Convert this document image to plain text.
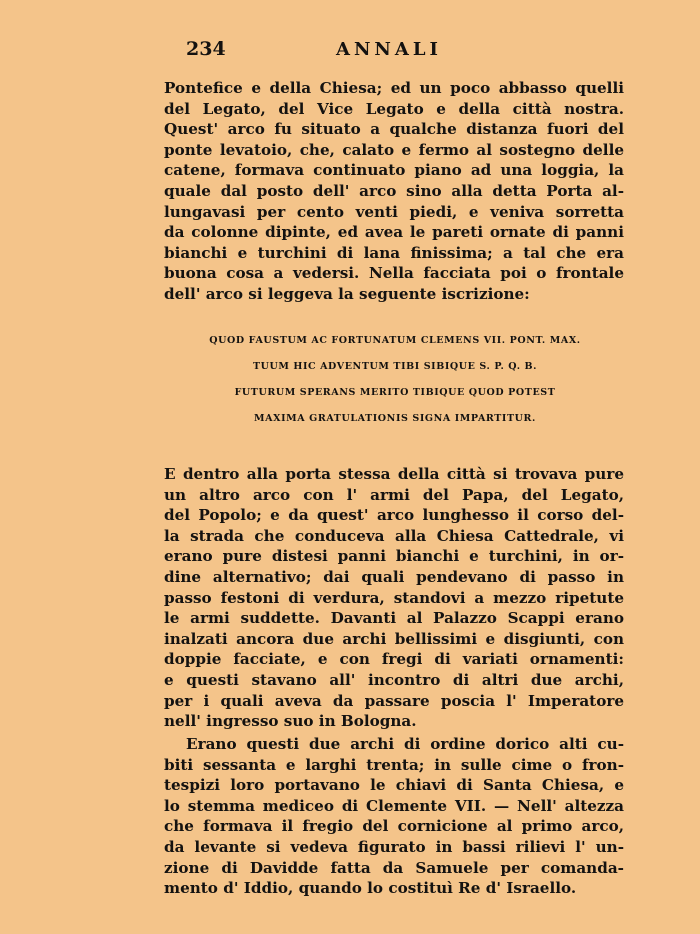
234	ANNALI
Pontefice e della Chiesa; ed un poco abbasso quelli
del Legato, del Vice Legato e della città nostra.
Quest' arco fu situato a qualche distanza fuori del
ponte levatoio, che, calato e fermo al sostegno delle
catene, formava continuato piano ad una loggia, la
quale dal posto dell' arco sino alla detta Porta al-
lungavasi per cento venti piedi, e veniva sorretta
da colonne dipinte, ed avea le pareti ornate di panni
bianchi e turchini di lana finissima; a tal che era
buona cosa a vedersi. Nella facciata poi o frontale
dell' arco si leggeva la seguente iscrizione:
QUOD FAUSTUM AC FORTUNATUM CLEMENS VII. PONT. MAX.
TUUM HIC ADVENTUM TIBI SIBIQUE S. P. Q. B.
FUTURUM SPERANS MERITO TIBIQUE QUOD POTEST
MAXIMA GRATULATIONIS SIGNA IMPARTITUR.
E dentro alla porta stessa della città si trovava pure
un altro arco con l' armi del Papa, del Legato,
del Popolo; e da quest' arco lunghesso il corso del-
la strada che conduceva alla Chiesa Cattedrale, vi
erano pure distesi panni bianchi e turchini, in or-
dine alternativo; dai quali pendevano di passo in
passo festoni di verdura, standovi a mezzo ripetute
le armi suddette. Davanti al Palazzo Scappi erano
inalzati ancora due archi bellissimi e disgiunti, con
doppie facciate, e con fregi di variati ornamenti:
e questi stavano all' incontro di altri due archi,
per i quali aveva da passare poscia l' Imperatore
nell' ingresso suo in Bologna.
Erano questi due archi di ordine dorico alti cu-
biti sessanta e larghi trenta; in sulle cime o fron-
tespizi loro portavano le chiavi di Santa Chiesa, e
lo stemma mediceo di Clemente VII. — Nell' altezza
che formava il fregio del cornicione al primo arco,
da levante si vedeva figurato in bassi rilievi l' un-
zione di Davidde fatta da Samuele per comanda-
mento d' Iddio, quando lo costituì Re d' Israello.
